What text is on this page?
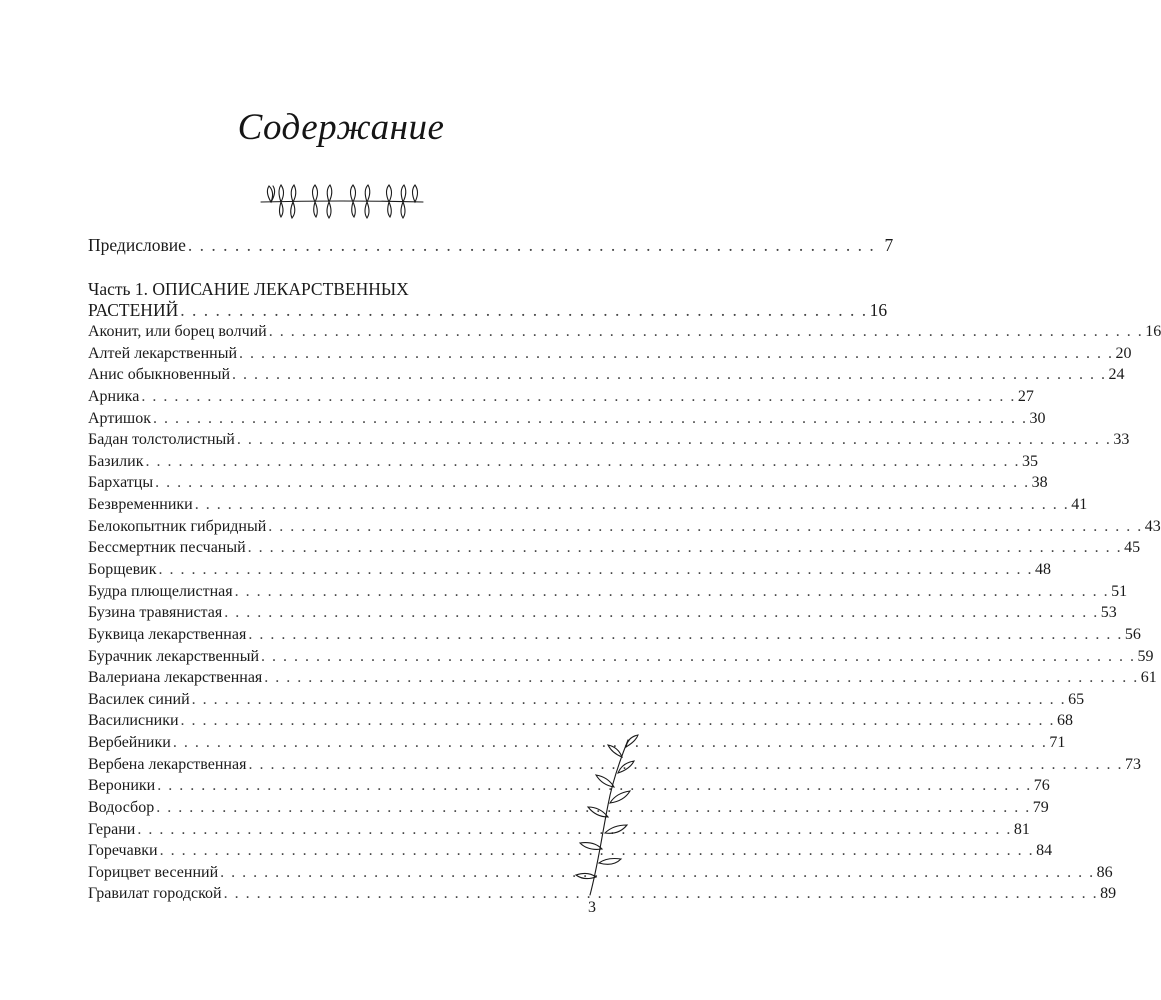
Содержание
Предисловие . . . . . . . . . . . . . . . . . . . . . . . . . . . . . . . . . . . . . . . . . . . . . . . . . . . . . . . . . . . 7
Часть 1. ОПИСАНИЕ ЛЕКАРСТВЕННЫХ
РАСТЕНИЙ . . . . . . . . . . . . . . . . . . . . . . . . . . . . . . . . . . . . . . . . . . . . . . . . . . . . . . . . . . . 16
Аконит, или борец волчий . . . . . . . . . . . . . . . . . . . . . . . . . . . . . . . . . . . . . . . . . . . . . . . . . . . . . . . . . . . . . . . . . . . . . . . . . . . . . . . . 16
Алтей лекарственный . . . . . . . . . . . . . . . . . . . . . . . . . . . . . . . . . . . . . . . . . . . . . . . . . . . . . . . . . . . . . . . . . . . . . . . . . . . . . . . . 20
Анис обыкновенный . . . . . . . . . . . . . . . . . . . . . . . . . . . . . . . . . . . . . . . . . . . . . . . . . . . . . . . . . . . . . . . . . . . . . . . . . . . . . . . . 24
Арника . . . . . . . . . . . . . . . . . . . . . . . . . . . . . . . . . . . . . . . . . . . . . . . . . . . . . . . . . . . . . . . . . . . . . . . . . . . . . . . . 27
Артишок . . . . . . . . . . . . . . . . . . . . . . . . . . . . . . . . . . . . . . . . . . . . . . . . . . . . . . . . . . . . . . . . . . . . . . . . . . . . . . . . 30
Бадан толстолистный . . . . . . . . . . . . . . . . . . . . . . . . . . . . . . . . . . . . . . . . . . . . . . . . . . . . . . . . . . . . . . . . . . . . . . . . . . . . . . . . 33
Базилик . . . . . . . . . . . . . . . . . . . . . . . . . . . . . . . . . . . . . . . . . . . . . . . . . . . . . . . . . . . . . . . . . . . . . . . . . . . . . . . . 35
Бархатцы . . . . . . . . . . . . . . . . . . . . . . . . . . . . . . . . . . . . . . . . . . . . . . . . . . . . . . . . . . . . . . . . . . . . . . . . . . . . . . . . 38
Безвременники . . . . . . . . . . . . . . . . . . . . . . . . . . . . . . . . . . . . . . . . . . . . . . . . . . . . . . . . . . . . . . . . . . . . . . . . . . . . . . . . 41
Белокопытник гибридный . . . . . . . . . . . . . . . . . . . . . . . . . . . . . . . . . . . . . . . . . . . . . . . . . . . . . . . . . . . . . . . . . . . . . . . . . . . . . . . . 43
Бессмертник песчаный . . . . . . . . . . . . . . . . . . . . . . . . . . . . . . . . . . . . . . . . . . . . . . . . . . . . . . . . . . . . . . . . . . . . . . . . . . . . . . . . 45
Борщевик . . . . . . . . . . . . . . . . . . . . . . . . . . . . . . . . . . . . . . . . . . . . . . . . . . . . . . . . . . . . . . . . . . . . . . . . . . . . . . . . 48
Будра плющелистная . . . . . . . . . . . . . . . . . . . . . . . . . . . . . . . . . . . . . . . . . . . . . . . . . . . . . . . . . . . . . . . . . . . . . . . . . . . . . . . . 51
Бузина травянистая . . . . . . . . . . . . . . . . . . . . . . . . . . . . . . . . . . . . . . . . . . . . . . . . . . . . . . . . . . . . . . . . . . . . . . . . . . . . . . . . 53
Буквица лекарственная . . . . . . . . . . . . . . . . . . . . . . . . . . . . . . . . . . . . . . . . . . . . . . . . . . . . . . . . . . . . . . . . . . . . . . . . . . . . . . . . 56
Бурачник лекарственный . . . . . . . . . . . . . . . . . . . . . . . . . . . . . . . . . . . . . . . . . . . . . . . . . . . . . . . . . . . . . . . . . . . . . . . . . . . . . . . . 59
Валериана лекарственная . . . . . . . . . . . . . . . . . . . . . . . . . . . . . . . . . . . . . . . . . . . . . . . . . . . . . . . . . . . . . . . . . . . . . . . . . . . . . . . . 61
Василек синий . . . . . . . . . . . . . . . . . . . . . . . . . . . . . . . . . . . . . . . . . . . . . . . . . . . . . . . . . . . . . . . . . . . . . . . . . . . . . . . . 65
Василисники . . . . . . . . . . . . . . . . . . . . . . . . . . . . . . . . . . . . . . . . . . . . . . . . . . . . . . . . . . . . . . . . . . . . . . . . . . . . . . . . 68
Вербейники . . . . . . . . . . . . . . . . . . . . . . . . . . . . . . . . . . . . . . . . . . . . . . . . . . . . . . . . . . . . . . . . . . . . . . . . . . . . . . . . 71
Вербена лекарственная . . . . . . . . . . . . . . . . . . . . . . . . . . . . . . . . . . . . . . . . . . . . . . . . . . . . . . . . . . . . . . . . . . . . . . . . . . . . . . . . 73
Вероники . . . . . . . . . . . . . . . . . . . . . . . . . . . . . . . . . . . . . . . . . . . . . . . . . . . . . . . . . . . . . . . . . . . . . . . . . . . . . . . . 76
Водосбор . . . . . . . . . . . . . . . . . . . . . . . . . . . . . . . . . . . . . . . . . . . . . . . . . . . . . . . . . . . . . . . . . . . . . . . . . . . . . . . . 79
Герани . . . . . . . . . . . . . . . . . . . . . . . . . . . . . . . . . . . . . . . . . . . . . . . . . . . . . . . . . . . . . . . . . . . . . . . . . . . . . . . . 81
Горечавки . . . . . . . . . . . . . . . . . . . . . . . . . . . . . . . . . . . . . . . . . . . . . . . . . . . . . . . . . . . . . . . . . . . . . . . . . . . . . . . . 84
Горицвет весенний . . . . . . . . . . . . . . . . . . . . . . . . . . . . . . . . . . . . . . . . . . . . . . . . . . . . . . . . . . . . . . . . . . . . . . . . . . . . . . . . 86
Гравилат городской . . . . . . . . . . . . . . . . . . . . . . . . . . . . . . . . . . . . . . . . . . . . . . . . . . . . . . . . . . . . . . . . . . . . . . . . . . . . . . . . 89
3
